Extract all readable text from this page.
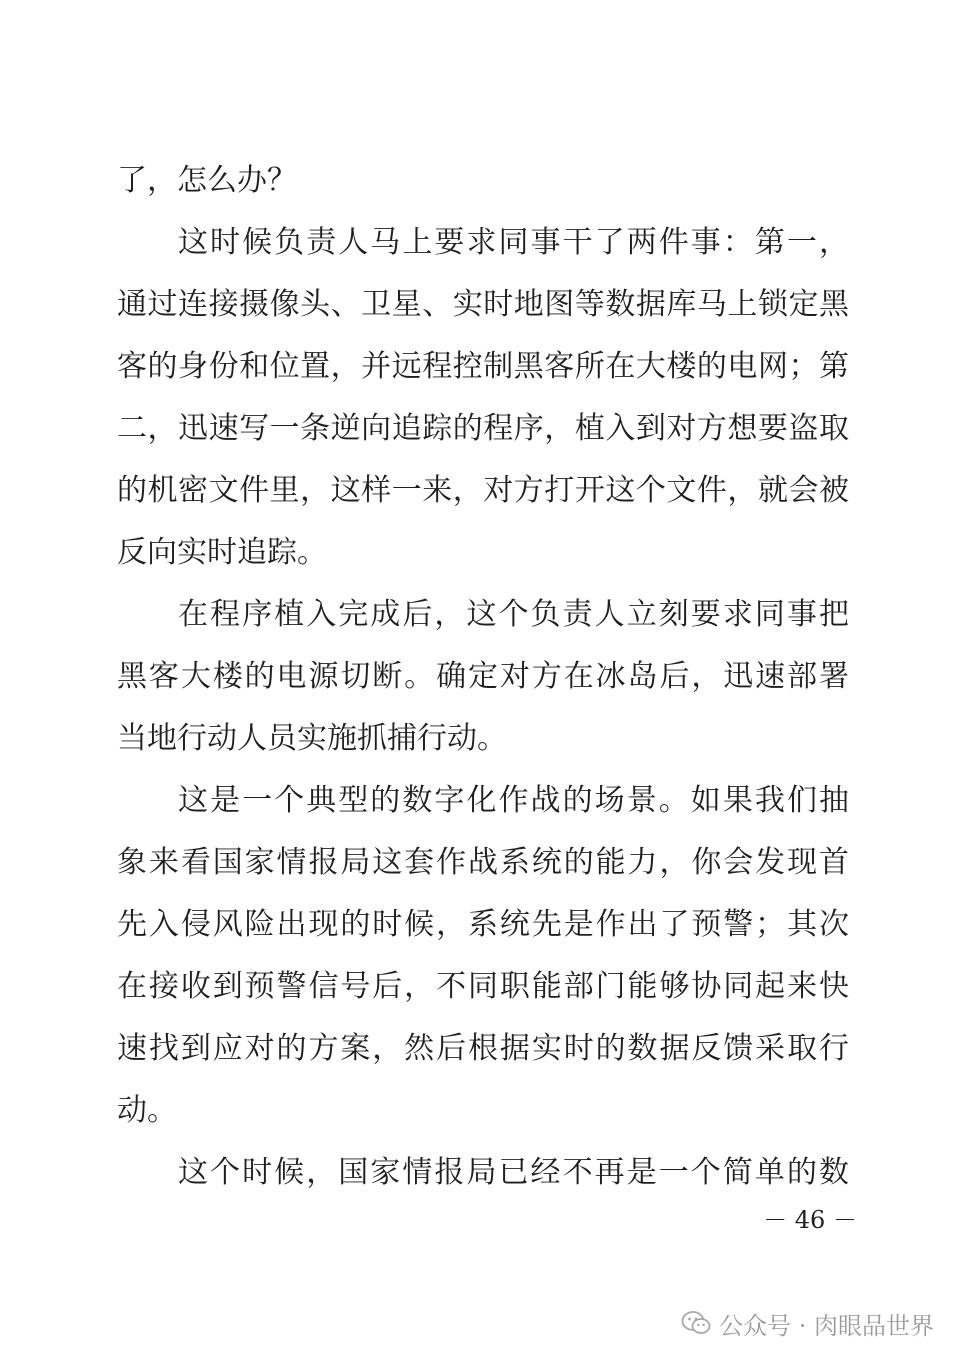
了，怎么办？
这时候负责人马上要求同事干了两件事：第一，
通过连接摄像头、卫星、实时地图等数据库马上锁定黑
客的身份和位置，并远程控制黑客所在大楼的电网；第
二，迅速写一条逆向追踪的程序，植入到对方想要盗取
的机密文件里，这样一来，对方打开这个文件，就会被
反向实时追踪。
在程序植入完成后，这个负责人立刻要求同事把
黑客大楼的电源切断。确定对方在冰岛后，迅速部署
当地行动人员实施抓捕行动。
这是一个典型的数字化作战的场景。如果我们抽
象来看国家情报局这套作战系统的能力，你会发现首
先入侵风险出现的时候，系统先是作出了预警；其次
在接收到预警信号后，不同职能部门能够协同起来快
速找到应对的方案，然后根据实时的数据反馈采取行
动。
这个时候，国家情报局已经不再是一个简单的数
－ 46 －
公众号 · 肉眼品世界
